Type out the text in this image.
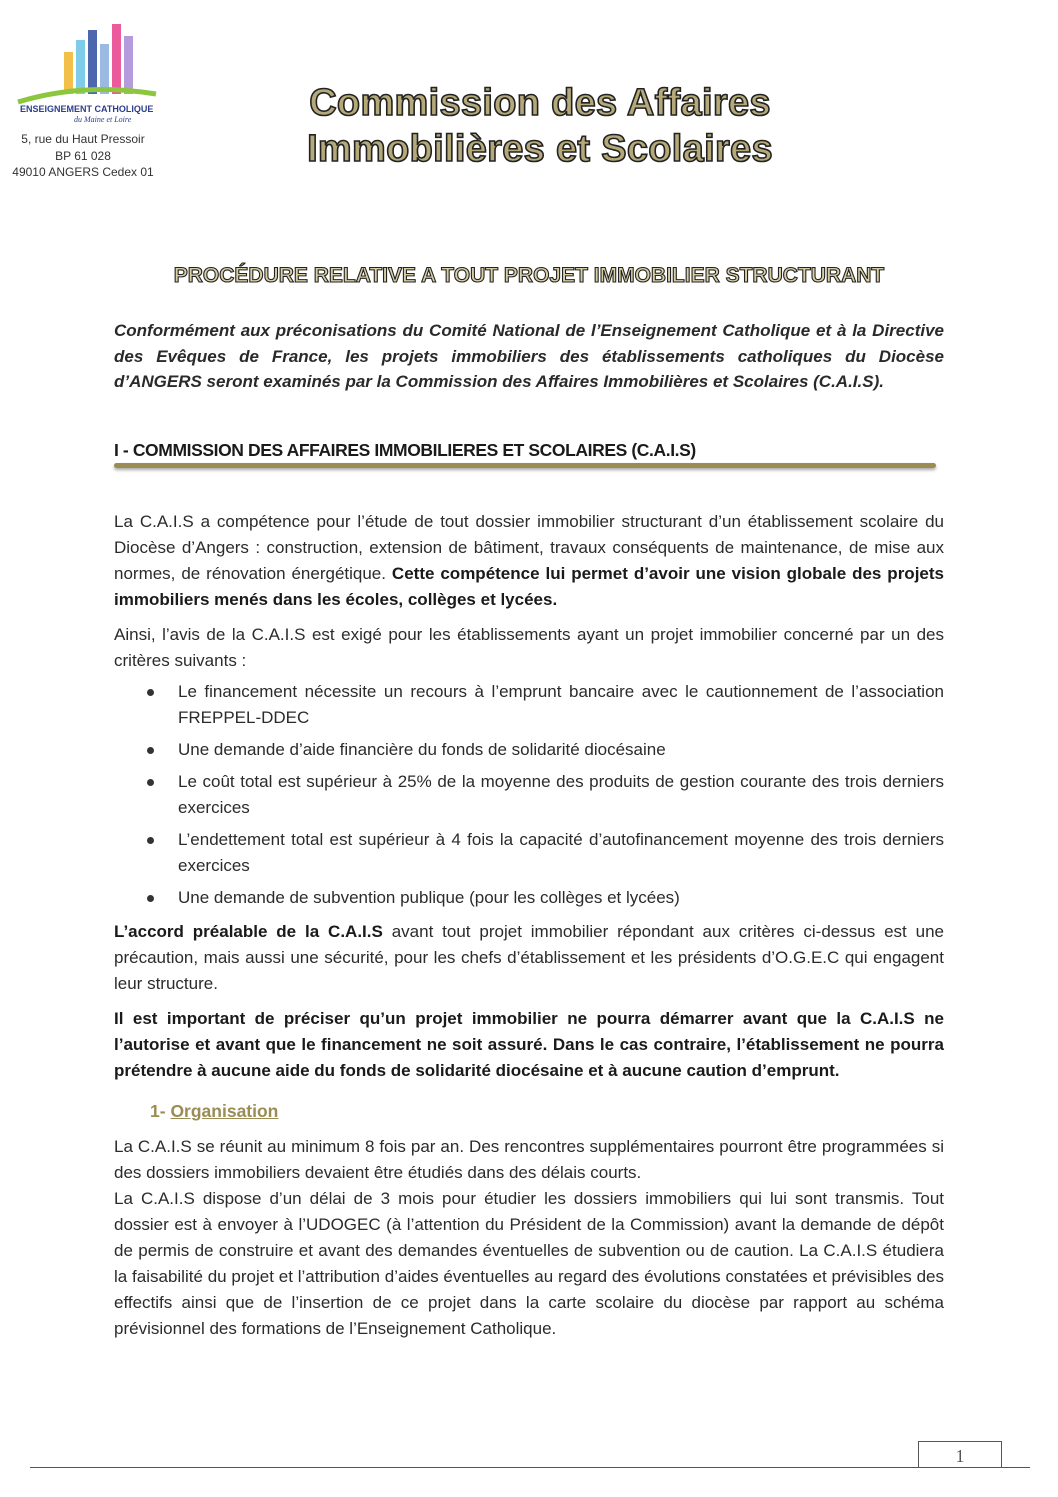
ENSEIGNEMENT CATHOLIQUE
du Maine et Loire
5, rue du Haut Pressoir
BP 61 028
49010 ANGERS Cedex 01
Commission des Affaires
Immobilières et Scolaires
PROCÉDURE RELATIVE A TOUT PROJET IMMOBILIER STRUCTURANT
Conformément aux préconisations du Comité National de l’Enseignement Catholique et à la Directive des Evêques de France, les projets immobiliers des établissements catholiques du Diocèse d’ANGERS seront examinés par la Commission des Affaires Immobilières et Scolaires (C.A.I.S).
I - COMMISSION DES AFFAIRES IMMOBILIERES ET SCOLAIRES (C.A.I.S)

La C.A.I.S a compétence pour l’étude de tout dossier immobilier structurant d’un établissement scolaire du Diocèse d’Angers : construction, extension de bâtiment, travaux conséquents de maintenance, de mise aux normes, de rénovation énergétique. Cette compétence lui permet d’avoir une vision globale des projets immobiliers menés dans les écoles, collèges et lycées.

Ainsi, l’avis de la C.A.I.S est exigé pour les établissements ayant un projet immobilier concerné par un des critères suivants :

Le financement nécessite un recours à l’emprunt bancaire avec le cautionnement de l’association FREPPEL-DDEC
Une demande d’aide financière du fonds de solidarité diocésaine
Le coût total est supérieur à 25% de la moyenne des produits de gestion courante des trois derniers exercices
L’endettement total est supérieur à 4 fois la capacité d’autofinancement moyenne des trois derniers exercices
Une demande de subvention publique (pour les collèges et lycées)

L’accord préalable de la C.A.I.S avant tout projet immobilier répondant aux critères ci-dessus est une précaution, mais aussi une sécurité, pour les chefs d’établissement et les présidents d’O.G.E.C qui engagent leur structure.

Il est important de préciser qu’un projet immobilier ne pourra démarrer avant que la C.A.I.S ne l’autorise et avant que le financement ne soit assuré. Dans le cas contraire, l’établissement ne pourra prétendre à aucune aide du fonds de solidarité diocésaine et à aucune caution d’emprunt.

1- Organisation

La C.A.I.S se réunit au minimum 8 fois par an. Des rencontres supplémentaires pourront être programmées si des dossiers immobiliers devaient être étudiés dans des délais courts.

La C.A.I.S dispose d’un délai de 3 mois pour étudier les dossiers immobiliers qui lui sont transmis. Tout dossier est à envoyer à l’UDOGEC (à l’attention du Président de la Commission) avant la demande de dépôt de permis de construire et avant des demandes éventuelles de subvention ou de caution. La C.A.I.S étudiera la faisabilité du projet et l’attribution d’aides éventuelles au regard des évolutions constatées et prévisibles des effectifs ainsi que de l’insertion de ce projet dans la carte scolaire du diocèse par rapport au schéma prévisionnel des formations de l’Enseignement Catholique.

1
